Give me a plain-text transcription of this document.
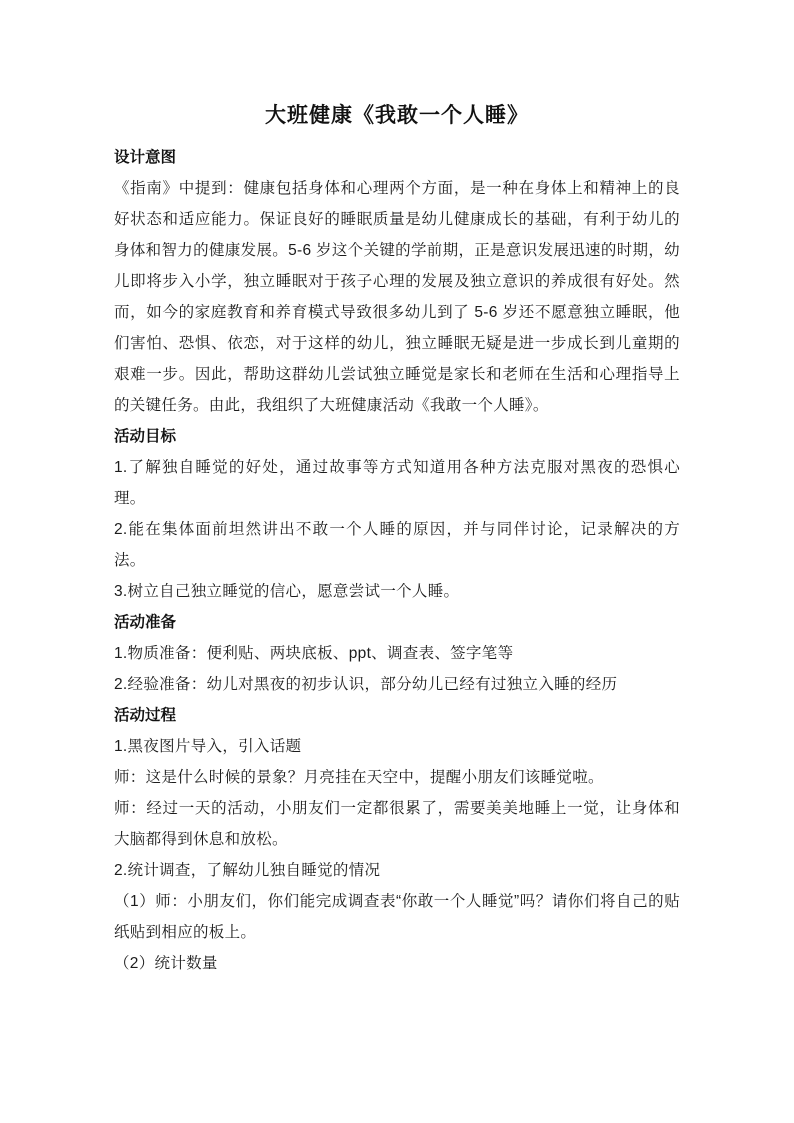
大班健康《我敢一个人睡》
设计意图

《指南》中提到：健康包括身体和心理两个方面，是一种在身体上和精神上的良好状态和适应能力。保证良好的睡眠质量是幼儿健康成长的基础，有利于幼儿的身体和智力的健康发展。5-6 岁这个关键的学前期，正是意识发展迅速的时期，幼儿即将步入小学，独立睡眠对于孩子心理的发展及独立意识的养成很有好处。然而，如今的家庭教育和养育模式导致很多幼儿到了 5-6 岁还不愿意独立睡眠，他们害怕、恐惧、依恋，对于这样的幼儿，独立睡眠无疑是进一步成长到儿童期的艰难一步。因此，帮助这群幼儿尝试独立睡觉是家长和老师在生活和心理指导上的关键任务。由此，我组织了大班健康活动《我敢一个人睡》。

活动目标

1.了解独自睡觉的好处，通过故事等方式知道用各种方法克服对黑夜的恐惧心理。

2.能在集体面前坦然讲出不敢一个人睡的原因，并与同伴讨论，记录解决的方法。

3.树立自己独立睡觉的信心，愿意尝试一个人睡。

活动准备

1.物质准备：便利贴、两块底板、ppt、调查表、签字笔等

2.经验准备：幼儿对黑夜的初步认识，部分幼儿已经有过独立入睡的经历

活动过程

1.黑夜图片导入，引入话题

师：这是什么时候的景象？月亮挂在天空中，提醒小朋友们该睡觉啦。

师：经过一天的活动，小朋友们一定都很累了，需要美美地睡上一觉，让身体和大脑都得到休息和放松。

2.统计调查，了解幼儿独自睡觉的情况

（1）师：小朋友们，你们能完成调查表“你敢一个人睡觉”吗？请你们将自己的贴纸贴到相应的板上。

（2）统计数量
